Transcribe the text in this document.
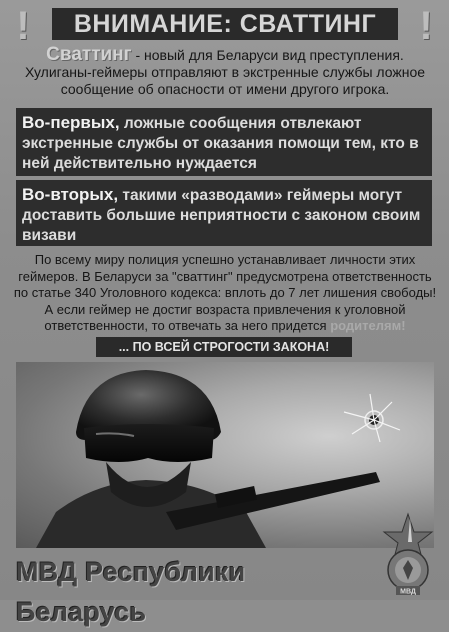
!	!
ВНИМАНИЕ: СВАТТИНГ
Сваттинг - новый для Беларуси вид преступления.
Хулиганы-геймеры отправляют в экстренные службы ложное
сообщение об опасности от имени другого игрока.
Во-первых, ложные сообщения отвлекают экстренные службы от оказания помощи тем, кто в ней действительно нуждается
Во-вторых, такими «разводами» геймеры могут доставить большие неприятности с законом своим визави
По всему миру полиция успешно устанавливает личности этих
геймеров. В Беларуси за "сваттинг" предусмотрена ответственность
по статье 340 Уголовного кодекса: вплоть до 7 лет лишения свободы!
А если геймер не достиг возраста привлечения к уголовной
ответственности, то отвечать за него придется родителям!
... ПО ВСЕЙ СТРОГОСТИ ЗАКОНА!
МВД Республики Беларусь
МВД
